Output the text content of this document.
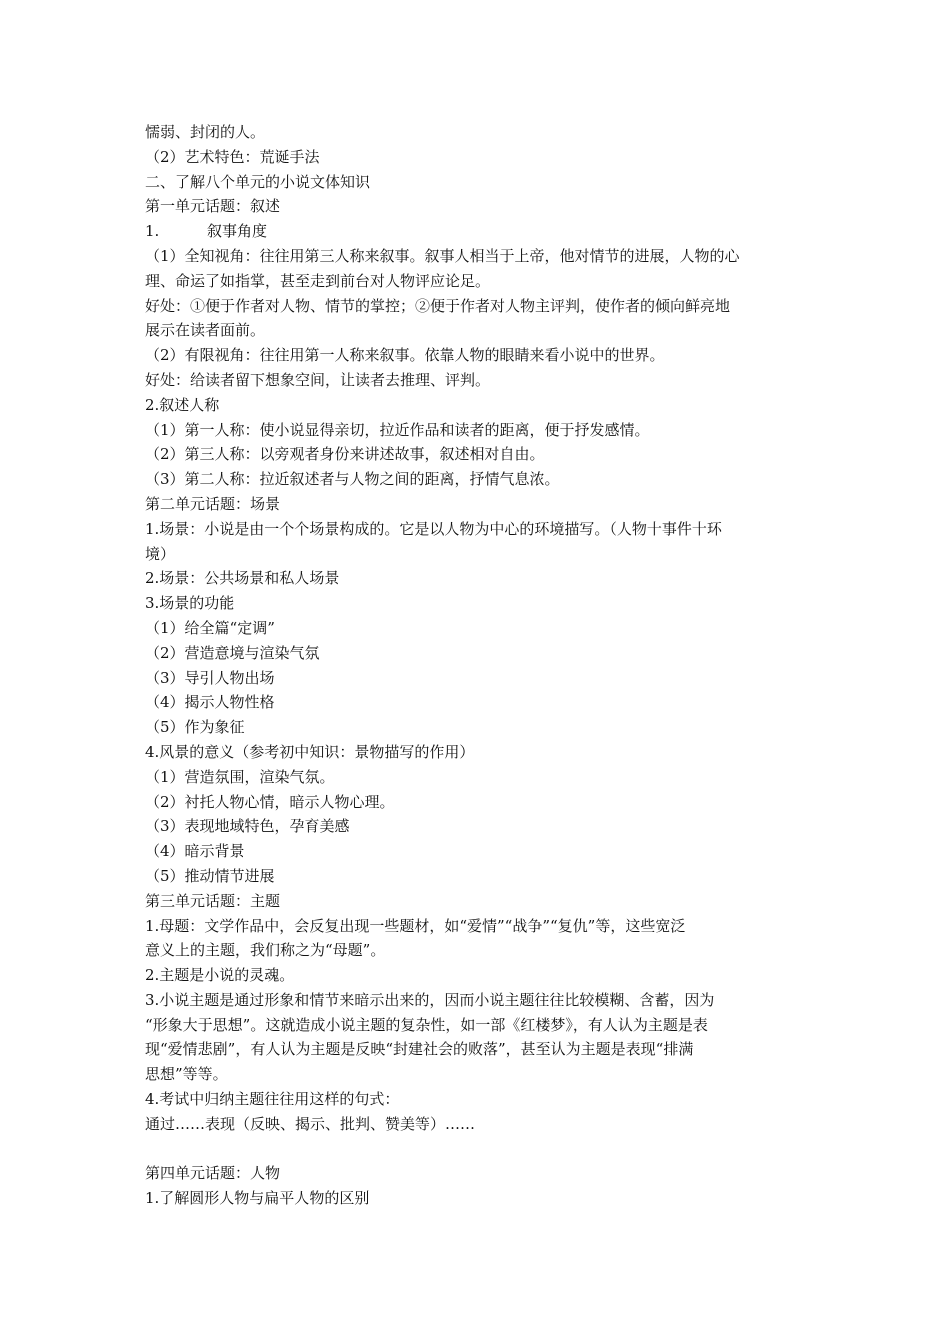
懦弱、封闭的人。

（2）艺术特色：荒诞手法

二、了解八个单元的小说文体知识

第一单元话题：叙述

1.          叙事角度

（1）全知视角：往往用第三人称来叙事。叙事人相当于上帝，他对情节的进展，人物的心

理、命运了如指掌，甚至走到前台对人物评应论足。

好处：①便于作者对人物、情节的掌控；②便于作者对人物主评判，使作者的倾向鲜亮地

展示在读者面前。

（2）有限视角：往往用第一人称来叙事。依靠人物的眼睛来看小说中的世界。

好处：给读者留下想象空间，让读者去推理、评判。

2.叙述人称

（1）第一人称：使小说显得亲切，拉近作品和读者的距离，便于抒发感情。

（2）第三人称：以旁观者身份来讲述故事，叙述相对自由。

（3）第二人称：拉近叙述者与人物之间的距离，抒情气息浓。

第二单元话题：场景

1.场景：小说是由一个个场景构成的。它是以人物为中心的环境描写。（人物十事件十环

境）

2.场景：公共场景和私人场景

3.场景的功能

（1）给全篇“定调”

（2）营造意境与渲染气氛

（3）导引人物出场

（4）揭示人物性格

（5）作为象征

4.风景的意义（参考初中知识：景物描写的作用）

（1）营造氛围，渲染气氛。

（2）衬托人物心情，暗示人物心理。

（3）表现地域特色，孕育美感

（4）暗示背景

（5）推动情节进展

第三单元话题：主题

1.母题：文学作品中，会反复出现一些题材，如“爱情”“战争”“复仇”等，这些宽泛

意义上的主题，我们称之为“母题”。

2.主题是小说的灵魂。

3.小说主题是通过形象和情节来暗示出来的，因而小说主题往往比较模糊、含蓄，因为

“形象大于思想”。这就造成小说主题的复杂性，如一部《红楼梦》，有人认为主题是表

现“爱情悲剧”，有人认为主题是反映“封建社会的败落”，甚至认为主题是表现“排满

思想”等等。

4.考试中归纳主题往往用这样的句式：

通过……表现（反映、揭示、批判、赞美等）……

第四单元话题：人物

1.了解圆形人物与扁平人物的区别
